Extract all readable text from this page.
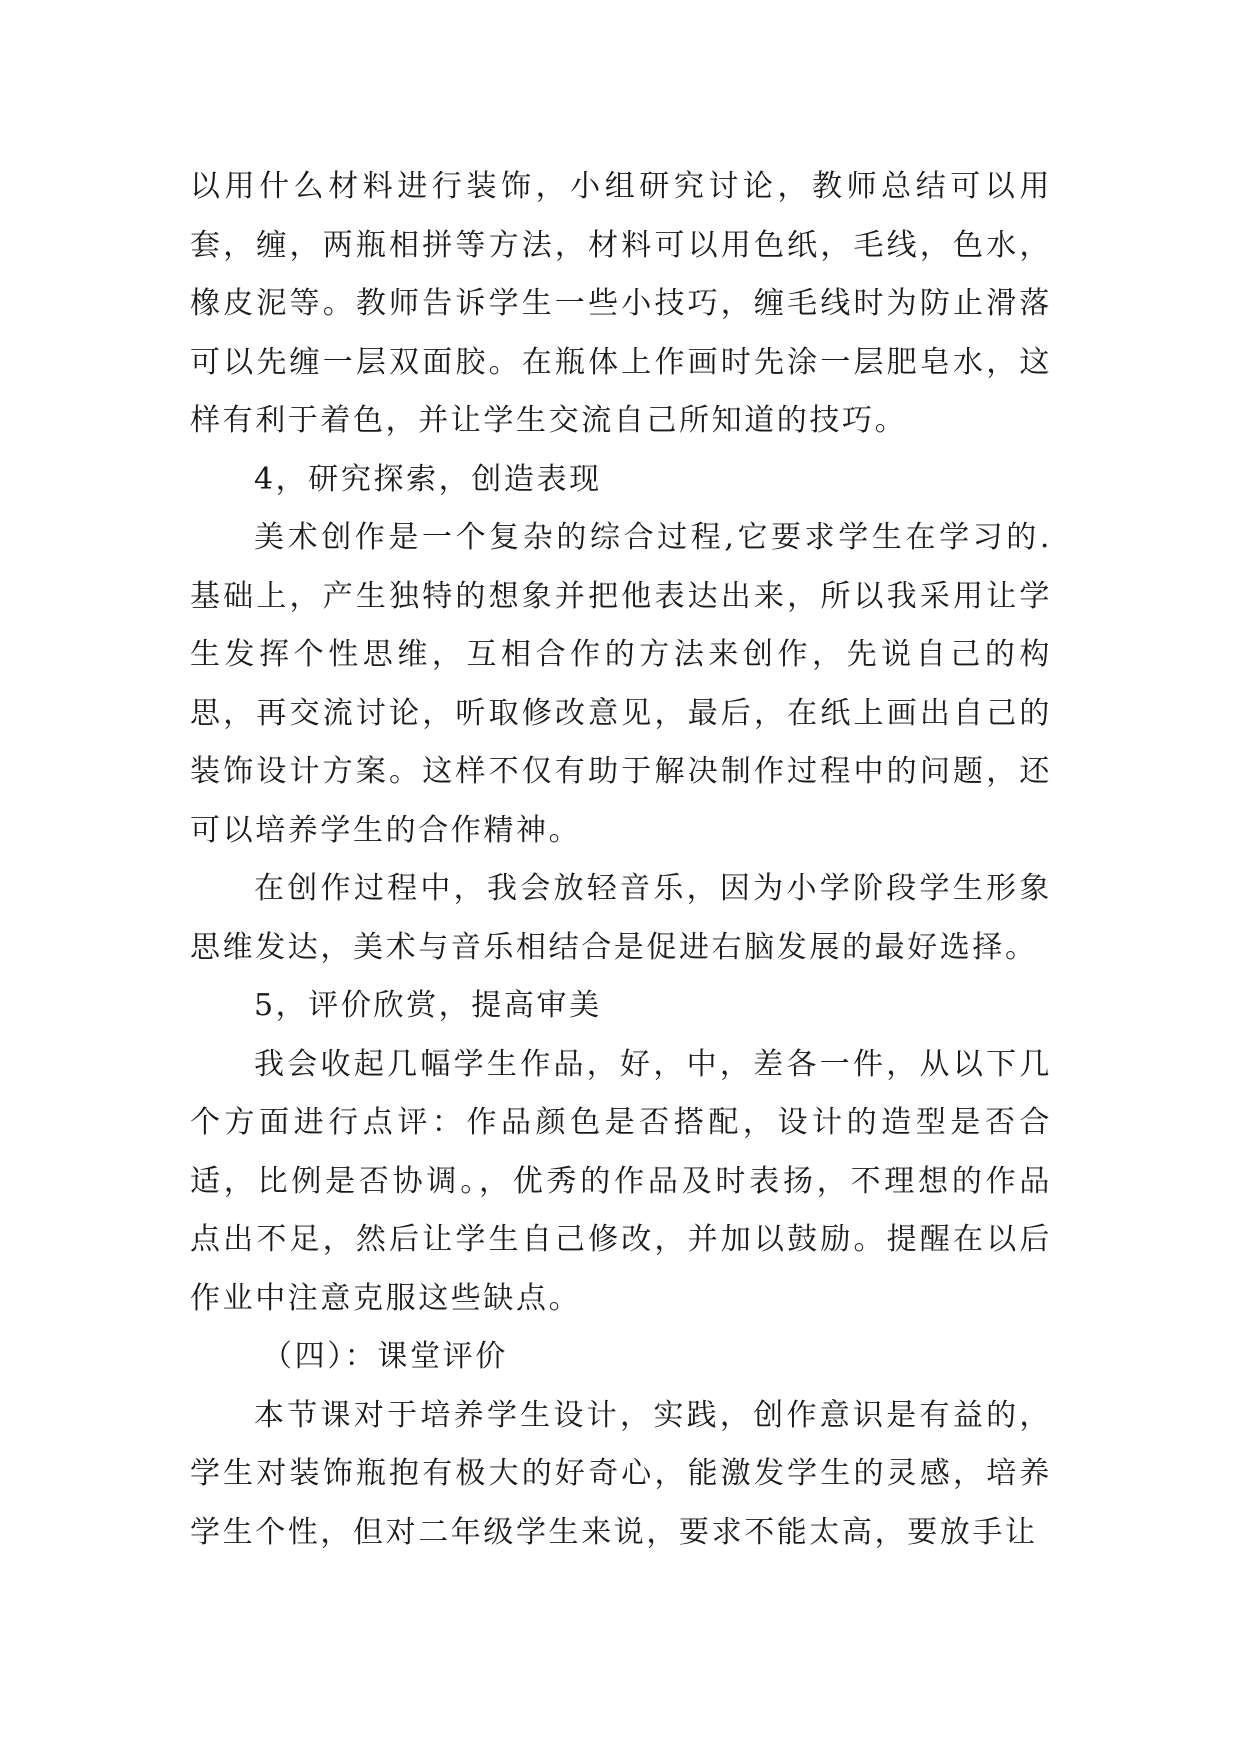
以用什么材料进行装饰，小组研究讨论，教师总结可以用套，缠，两瓶相拼等方法，材料可以用色纸，毛线，色水，橡皮泥等。教师告诉学生一些小技巧，缠毛线时为防止滑落可以先缠一层双面胶。在瓶体上作画时先涂一层肥皂水，这样有利于着色，并让学生交流自己所知道的技巧。

4，研究探索，创造表现

美术创作是一个复杂的综合过程,它要求学生在学习的.基础上，产生独特的想象并把他表达出来，所以我采用让学生发挥个性思维，互相合作的方法来创作，先说自己的构思，再交流讨论，听取修改意见，最后，在纸上画出自己的装饰设计方案。这样不仅有助于解决制作过程中的问题，还可以培养学生的合作精神。

在创作过程中，我会放轻音乐，因为小学阶段学生形象思维发达，美术与音乐相结合是促进右脑发展的最好选择。

5，评价欣赏，提高审美

我会收起几幅学生作品，好，中，差各一件，从以下几个方面进行点评：作品颜色是否搭配，设计的造型是否合适，比例是否协调。，优秀的作品及时表扬，不理想的作品点出不足，然后让学生自己修改，并加以鼓励。提醒在以后作业中注意克服这些缺点。

（四）：课堂评价

本节课对于培养学生设计，实践，创作意识是有益的，学生对装饰瓶抱有极大的好奇心，能激发学生的灵感，培养学生个性，但对二年级学生来说，要求不能太高，要放手让
